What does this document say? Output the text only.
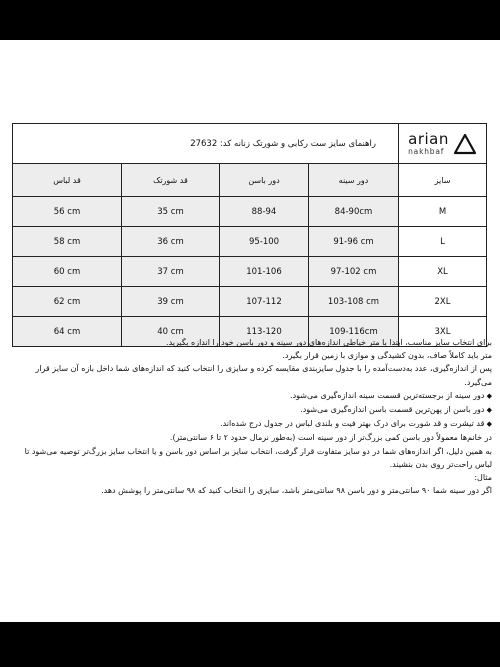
راهنمای سایز ست رکابی و شورتک زنانه کد: 27632				arian
nakhbaf

قد لباس	قد شورتک	دور باسن	دور سینه	سایز
56 cm	35 cm	88-94	84-90cm	M
58 cm	36 cm	95-100	91-96 cm	L
60 cm	37 cm	101-106	97-102 cm	XL
62 cm	39 cm	107-112	103-108 cm	2XL
64 cm	40 cm	113-120	109-116cm	3XL

برای انتخاب سایز مناسب، ابتدا با متر خیاطی اندازه‌های دور سینه و دور باسن خود را اندازه بگیرید.

متر باید کاملاً صاف، بدون کشیدگی و موازی با زمین قرار بگیرد.

پس از اندازه‌گیری، عدد به‌دست‌آمده را با جدول سایزبندی مقایسه کرده و سایزی را انتخاب کنید که اندازه‌های شما داخل بازه آن سایز قرار می‌گیرد.

◆ دور سینه از برجسته‌ترین قسمت سینه اندازه‌گیری می‌شود.

◆ دور باسن از پهن‌ترین قسمت باسن اندازه‌گیری می‌شود.

◆ قد تیشرت و قد شورت برای درک بهتر فیت و بلندی لباس در جدول درج شده‌اند.

در خانم‌ها معمولاً دور باسن کمی بزرگ‌تر از دور سینه است (به‌طور نرمال حدود ۲ تا ۶ سانتی‌متر).

به همین دلیل، اگر اندازه‌های شما در دو سایز متفاوت قرار گرفت، انتخاب سایز بر اساس دور باسن و یا انتخاب سایز بزرگ‌تر توصیه می‌شود تا لباس راحت‌تر روی بدن بنشیند.

مثال:

اگر دور سینه شما ۹۰ سانتی‌متر و دور باسن ۹۸ سانتی‌متر باشد، سایزی را انتخاب کنید که ۹۸ سانتی‌متر را پوشش دهد.
